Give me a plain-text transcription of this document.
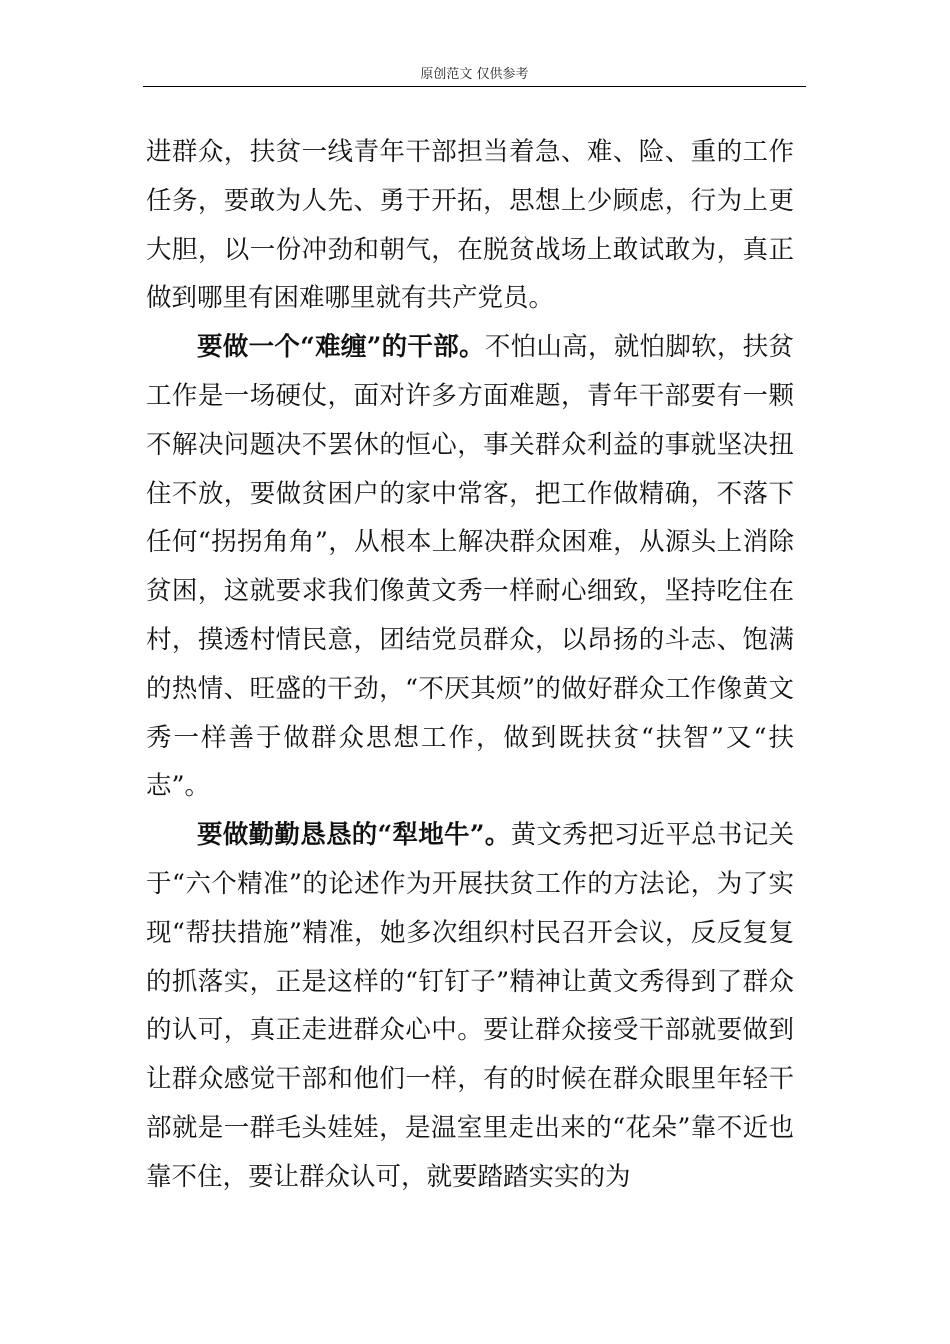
原创范文 仅供参考

进群众，扶贫一线青年干部担当着急、难、险、重的工作任务，要敢为人先、勇于开拓，思想上少顾虑，行为上更大胆，以一份冲劲和朝气，在脱贫战场上敢试敢为，真正做到哪里有困难哪里就有共产党员。

要做一个“难缠”的干部。不怕山高，就怕脚软，扶贫工作是一场硬仗，面对许多方面难题，青年干部要有一颗不解决问题决不罢休的恒心，事关群众利益的事就坚决扭住不放，要做贫困户的家中常客，把工作做精确，不落下任何“拐拐角角”，从根本上解决群众困难，从源头上消除贫困，这就要求我们像黄文秀一样耐心细致，坚持吃住在村，摸透村情民意，团结党员群众，以昂扬的斗志、饱满的热情、旺盛的干劲，“不厌其烦”的做好群众工作像黄文秀一样善于做群众思想工作，做到既扶贫“扶智”又“扶志”。

要做勤勤恳恳的“犁地牛”。黄文秀把习近平总书记关于“六个精准”的论述作为开展扶贫工作的方法论，为了实现“帮扶措施”精准，她多次组织村民召开会议，反反复复的抓落实，正是这样的“钉钉子”精神让黄文秀得到了群众的认可，真正走进群众心中。要让群众接受干部就要做到让群众感觉干部和他们一样，有的时候在群众眼里年轻干部就是一群毛头娃娃，是温室里走出来的“花朵”靠不近也靠不住，要让群众认可，就要踏踏实实的为
